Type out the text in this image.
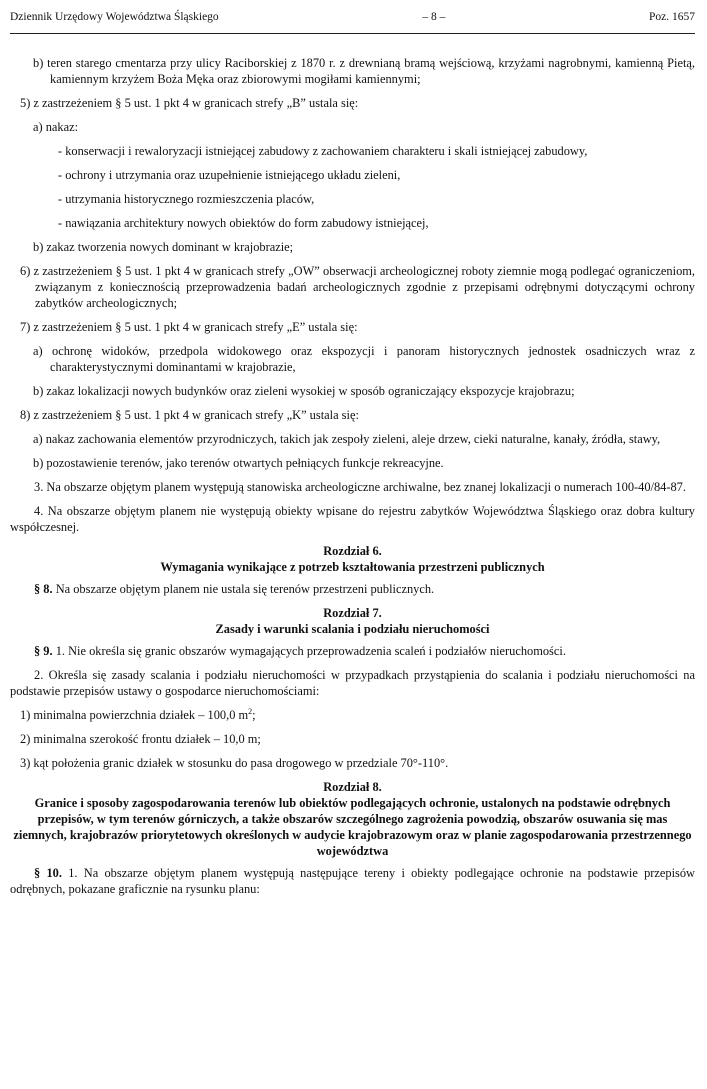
Dziennik Urzędowy Województwa Śląskiego	– 8 –	Poz. 1657

b) teren starego cmentarza przy ulicy Raciborskiej z 1870 r. z drewnianą bramą wejściową, krzyżami nagrobnymi, kamienną Pietą, kamiennym krzyżem Boża Męka oraz zbiorowymi mogiłami kamiennymi;

5) z zastrzeżeniem § 5 ust. 1 pkt 4 w granicach strefy „B” ustala się:

a) nakaz:

- konserwacji i rewaloryzacji istniejącej zabudowy z zachowaniem charakteru i skali istniejącej zabudowy,

- ochrony i utrzymania oraz uzupełnienie istniejącego układu zieleni,

- utrzymania historycznego rozmieszczenia placów,

- nawiązania architektury nowych obiektów do form zabudowy istniejącej,

b) zakaz tworzenia nowych dominant w krajobrazie;

6) z zastrzeżeniem § 5 ust. 1 pkt 4 w granicach strefy „OW” obserwacji archeologicznej roboty ziemnie mogą podlegać ograniczeniom, związanym z koniecznością przeprowadzenia badań archeologicznych zgodnie z przepisami odrębnymi dotyczącymi ochrony zabytków archeologicznych;

7) z zastrzeżeniem § 5 ust. 1 pkt 4 w granicach strefy „E” ustala się:

a) ochronę widoków, przedpola widokowego oraz ekspozycji i panoram historycznych jednostek osadniczych wraz z charakterystycznymi dominantami w krajobrazie,

b) zakaz lokalizacji nowych budynków oraz zieleni wysokiej w sposób ograniczający ekspozycje krajobrazu;

8) z zastrzeżeniem § 5 ust. 1 pkt 4 w granicach strefy „K” ustala się:

a) nakaz zachowania elementów przyrodniczych, takich jak zespoły zieleni, aleje drzew, cieki naturalne, kanały, źródła, stawy,

b) pozostawienie terenów, jako terenów otwartych pełniących funkcje rekreacyjne.

3. Na obszarze objętym planem występują stanowiska archeologiczne archiwalne, bez znanej lokalizacji o numerach 100-40/84-87.

4. Na obszarze objętym planem nie występują obiekty wpisane do rejestru zabytków Województwa Śląskiego oraz dobra kultury współczesnej.

Rozdział 6.

Wymagania wynikające z potrzeb kształtowania przestrzeni publicznych

§ 8. Na obszarze objętym planem nie ustala się terenów przestrzeni publicznych.

Rozdział 7.

Zasady i warunki scalania i podziału nieruchomości

§ 9. 1. Nie określa się granic obszarów wymagających przeprowadzenia scaleń i podziałów nieruchomości.

2. Określa się zasady scalania i podziału nieruchomości w przypadkach przystąpienia do scalania i podziału nieruchomości na podstawie przepisów ustawy o gospodarce nieruchomościami:

1) minimalna powierzchnia działek – 100,0 $m^2$;

2) minimalna szerokość frontu działek – 10,0 m;

3) kąt położenia granic działek w stosunku do pasa drogowego w przedziale 70°-110°.

Rozdział 8.

Granice i sposoby zagospodarowania terenów lub obiektów podlegających ochronie, ustalonych na podstawie odrębnych przepisów, w tym terenów górniczych, a także obszarów szczególnego zagrożenia powodzią, obszarów osuwania się mas ziemnych, krajobrazów priorytetowych określonych w audycie krajobrazowym oraz w planie zagospodarowania przestrzennego województwa

§ 10. 1. Na obszarze objętym planem występują następujące tereny i obiekty podlegające ochronie na podstawie przepisów odrębnych, pokazane graficznie na rysunku planu:
